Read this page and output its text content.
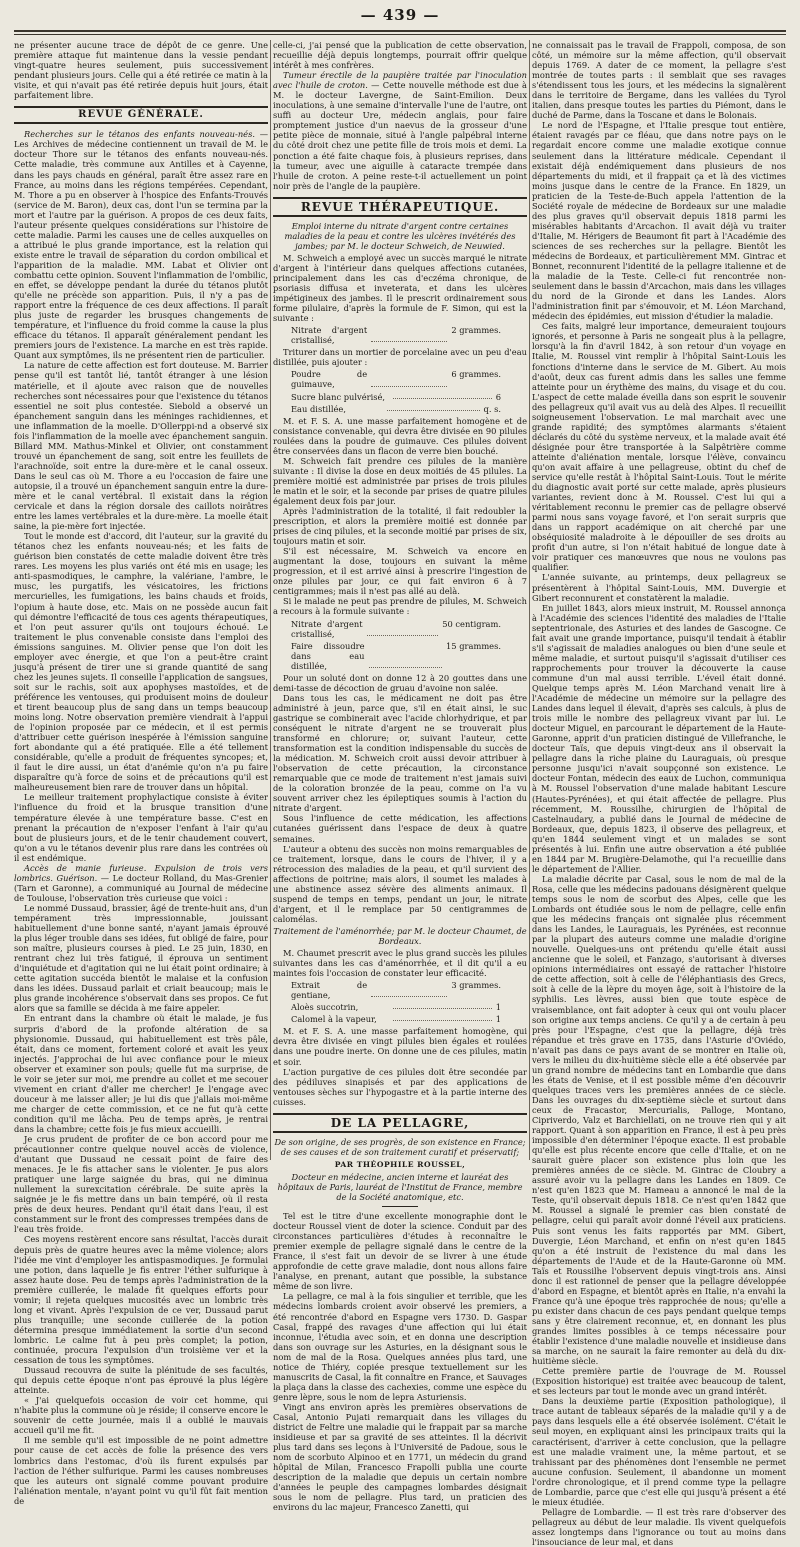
— 439 —

ne présenter aucune trace de dépôt de ce genre. Une première attaque fut maintenue dans la vessie pendant vingt-quatre heures seulement, puis successivement pendant plusieurs jours. Celle qui a été retirée ce matin à la visite, et qui n'avait pas été retirée depuis huit jours, était parfaitement libre.

REVUE GÉNÉRALE.

Recherches sur le tétanos des enfants nouveau-nés. — Les Archives de médecine contiennent un travail de M. le docteur Thore sur le tétanos des enfants nouveau-nés. Cette maladie, très commune aux Antilles et à Cayenne, dans les pays chauds en général, paraît être assez rare en France, au moins dans les régions tempérées. Cependant, M. Thore a pu en observer à l'hospice des Enfants-Trouvés (service de M. Baron), deux cas, dont l'un se termina par la mort et l'autre par la guérison. A propos de ces deux faits, l'auteur présente quelques considérations sur l'histoire de cette maladie. Parmi les causes une de celles auxquelles on a attribué le plus grande importance, est la relation qui existe entre le travail de séparation du cordon ombilical et l'apparition de la maladie. MM. Labat et Olivier ont combattu cette opinion. Souvent l'inflammation de l'ombilic, en effet, se développe pendant la durée du tétanos plutôt qu'elle ne précède son apparition. Puis, il n'y a pas de rapport entre la fréquence de ces deux affections. Il paraît plus juste de regarder les brusques changements de température, et l'influence du froid comme la cause la plus efficace du tétanos. Il apparaît généralement pendant les premiers jours de l'existence. La marche en est très rapide. Quant aux symptômes, ils ne présentent rien de particulier.

La nature de cette affection est fort douteuse. M. Barrier pense qu'il est tantôt lié, tantôt étranger à une lésion matérielle, et il ajoute avec raison que de nouvelles recherches sont nécessaires pour que l'existence du tétanos essentiel ne soit plus contestée. Siebold a observé un épanchement sanguin dans les méninges rachidiennes, et une inflammation de la moelle. D'Ollerppi-nd a observé six fois l'inflammation de la moelle avec épanchement sanguin. Billard MM. Mathus-Minkel et Olivier, ont constamment trouvé un épanchement de sang, soit entre les feuillets de l'arachnoïde, soit entre la dure-mère et le canal osseux. Dans le seul cas où M. Thore a eu l'occasion de faire une autopsie, il a trouvé un épanchement sanguin entre la dure-mère et le canal vertébral. Il existait dans la région cervicale et dans la région dorsale des caillots noirâtres entre les lames vertébrales et la dure-mère. La moelle était saine, la pie-mère fort injectée.

Tout le monde est d'accord, dit l'auteur, sur la gravité du tétanos chez les enfants nouveau-nés; et les faits de guérison bien constatés de cette maladie doivent être très rares. Les moyens les plus variés ont été mis en usage; les anti-spasmodiques, le camphre, la valériane, l'ambre, le musc, les purgatifs, les vésicatoires, les frictions mercurielles, les fumigations, les bains chauds et froids, l'opium à haute dose, etc. Mais on ne possède aucun fait qui démontre l'efficacité de tous ces agents thérapeutiques, et l'on peut assurer qu'ils ont toujours échoué. Le traitement le plus convenable consiste dans l'emploi des émissions sanguines. M. Olivier pense que l'on doit les employer avec énergie, et que l'on a peut-être craint jusqu'à présent de tirer une si grande quantité de sang chez les jeunes sujets. Il conseille l'application de sangsues, soit sur le rachis, soit aux apophyses mastoïdes, et de préférence les ventouses, qui produisent moins de douleur et tirent beaucoup plus de sang dans un temps beaucoup moins long. Notre observation première viendrait à l'appui de l'opinion proposée par ce médecin, et il est permis d'attribuer cette guérison inespérée à l'émission sanguine fort abondante qui a été pratiquée. Elle a été tellement considérable, qu'elle a produit de fréquentes syncopes; et, il faut le dire aussi, un état d'anémie qu'on n'a pu faire disparaître qu'à force de soins et de précautions qu'il est malheureusement bien rare de trouver dans un hôpital.

Le meilleur traitement prophylactique consiste à éviter l'influence du froid et la brusque transition d'une température élevée à une température basse. C'est en prenant la précaution de n'exposer l'enfant à l'air qu'au bout de plusieurs jours, et de le tenir chaudement couvert, qu'on a vu le tétanos devenir plus rare dans les contrées où il est endémique.

Accès de manie furieuse. Expulsion de trois vers lombrics. Guérison. — Le docteur Rolland, du Mas-Grenier (Tarn et Garonne), a communiqué au Journal de médecine de Toulouse, l'observation très curieuse que voici :

Le nommé Dussaud, brassier, âgé de trente-huit ans, d'un tempérament très impressionnable, jouissant habituellement d'une bonne santé, n'ayant jamais éprouvé la plus léger trouble dans ses idées, fut obligé de faire, pour son maître, plusieurs courses à pied. Le 25 juin, 1830, en rentrant chez lui très fatigué, il éprouva un sentiment d'inquiétude et d'agitation qui ne lui était point ordinaire; à cette agitation succéda bientôt le malaise et la confusion dans les idées. Dussaud parlait et criait beaucoup; mais le plus grande incohérence s'observait dans ses propos. Ce fut alors que sa famille se décida à me faire appeler.

En entrant dans la chambre où était le malade, je fus surpris d'abord de la profonde altération de sa physionomie. Dussaud, qui habituellement est très pâle, était, dans ce moment, fortement coloré et avait les yeux injectés. J'approchai de lui avec confiance pour le mieux observer et examiner son pouls; quelle fut ma surprise, de le voir se jeter sur moi, me prendre au collet et me secouer vivement en criant d'aller me chercher! Je l'engage avec douceur à me laisser aller; je lui dis que j'allais moi-même me charger de cette commission, et ce ne fut qu'à cette condition qu'il me lâcha. Peu de temps après, je rentrai dans la chambre; cette fois je fus mieux accueilli.

Je crus prudent de profiter de ce bon accord pour me précautionner contre quelque nouvel accès de violence, d'autant que Dussaud ne cessait point de faire des menaces. Je le fis attacher sans le violenter. Je pus alors pratiquer une large saignée du bras, qui ne diminua nullement la surexcitation cérébrale. De suite après la saignée je le fis mettre dans un bain tempéré, où il resta près de deux heures. Pendant qu'il était dans l'eau, il est constamment sur le front des compresses trempées dans de l'eau très froide.

Ces moyens restèrent encore sans résultat, l'accès durait depuis près de quatre heures avec la même violence; alors l'idée me vint d'employer les antispasmodiques. Je formulai une potion, dans laquelle je fis entrer l'éther sulfurique à assez haute dose. Peu de temps après l'administration de la première cuillerée, le malade fit quelques efforts pour vomir; il rejeta quelques mucosités avec un lombric très long et vivant. Après l'expulsion de ce ver, Dussaud parut plus tranquille; une seconde cuillerée de la potion détermina presque immédiatement la sortie d'un second lombric. Le calme fut à peu près complet; la potion, continuée, procura l'expulsion d'un troisième ver et la cessation de tous les symptômes.

Dussaud recouvra de suite la plénitude de ses facultés, qui depuis cette époque n'ont pas éprouvé la plus légère atteinte.

« J'ai quelquefois occasion de voir cet homme, qui n'habite plus la commune où je réside; il conserve encore le souvenir de cette journée, mais il a oublié le mauvais accueil qu'il me fit.

Il me semble qu'il est impossible de ne point admettre pour cause de cet accès de folie la présence des vers lombrics dans l'estomac, d'où ils furent expulsés par l'action de l'éther sulfurique. Parmi les causes nombreuses que les auteurs ont signalé comme pouvant produire l'aliénation mentale, n'ayant point vu qu'il fût fait mention de

celle-ci, j'ai pensé que la publication de cette observation, recueillie déjà depuis longtemps, pourrait offrir quelque intérêt à mes confrères.

Tumeur érectile de la paupière traitée par l'inoculation avec l'huile de croton. — Cette nouvelle méthode est due à M. le docteur Lavergne, de Saint-Emilion. Deux inoculations, à une semaine d'intervalle l'une de l'autre, ont suffi au docteur Ure, médecin anglais, pour faire promptement justice d'un naevus de la grosseur d'une petite pièce de monnaie, situé à l'angle palpébral interne du côté droit chez une petite fille de trois mois et demi. La ponction a été faite chaque fois, à plusieurs reprises, dans la tumeur, avec une aiguille à cataracte trempée dans l'huile de croton. A peine reste-t-il actuellement un point noir près de l'angle de la paupière.

REVUE THÉRAPEUTIQUE.

Emploi interne du nitrate d'argent contre certaines maladies de la peau et contre les ulcères invétérés des jambes; par M. le docteur Schweich, de Neuwied.

M. Schweich a employé avec un succès marqué le nitrate d'argent à l'intérieur dans quelques affections cutanées, principalement dans les cas d'eczéma chronique, de psoriasis diffusa et inveterata, et dans les ulcères impétigineux des jambes. Il le prescrit ordinairement sous forme pilulaire, d'après la formule de F. Simon, qui est la suivante :

Nitrate d'argent cristallisé,
2 grammes.

Triturer dans un mortier de porcelaine avec un peu d'eau distillée, puis ajouter :

Poudre de guimauve,
6 grammes.
Sucre blanc pulvérisé,	6
Eau distillée,	q. s.

M. et F. S. A. une masse parfaitement homogène et de consistance convenable, qui devra être divisée en 90 pilules roulées dans la poudre de guimauve. Ces pilules doivent être conservées dans un flacon de verre bien bouché.

M. Schweich fait prendre ces pilules de la manière suivante : Il divise la dose en deux moitiés de 45 pilules. La première moitié est administrée par prises de trois pilules le matin et le soir, et la seconde par prises de quatre pilules également deux fois par jour.

Après l'administration de la totalité, il fait redoubler la prescription, et alors la première moitié est donnée par prises de cinq pilules, et la seconde moitié par prises de six, toujours matin et soir.

S'il est nécessaire, M. Schweich va encore en augmentant la dose, toujours en suivant la même progression, et il est arrivé ainsi à prescrire l'ingestion de onze pilules par jour, ce qui fait environ 6 à 7 centigrammes; mais il n'est pas allé au delà.

Si le malade ne peut pas prendre de pilules, M. Schweich a recours à la formule suivante :

Nitrate d'argent cristallisé,
50 centigram.
Faire dissoudre dans eau distillée,
15 grammes.

Pour un soluté dont on donne 12 à 20 gouttes dans une demi-tasse de décoction de gruau d'avoine non salée.

Dans tous les cas, le médicament ne doit pas être administré à jeun, parce que, s'il en était ainsi, le suc gastrique se combinerait avec l'acide chlorhydrique, et par conséquent le nitrate d'argent ne se trouverait plus transformé en chlorure; or, suivant l'auteur, cette transformation est la condition indispensable du succès de la médication. M. Schweich croit aussi devoir attribuer à l'observation de cette précaution, la circonstance remarquable que ce mode de traitement n'est jamais suivi de la coloration bronzée de la peau, comme on l'a vu souvent arriver chez les épileptiques soumis à l'action du nitrate d'argent.

Sous l'influence de cette médication, les affections cutanées guérissent dans l'espace de deux à quatre semaines.

L'auteur a obtenu des succès non moins remarquables de ce traitement, lorsque, dans le cours de l'hiver, il y a rétrocession des maladies de la peau, et qu'il survient des affections de poitrine; mais alors, il soumet les malades à une abstinence assez sévère des aliments animaux. Il suspend de temps en temps, pendant un jour, le nitrate d'argent, et il le remplace par 50 centigrammes de calomélas.

Traitement de l'aménorrhée; par M. le docteur Chaumet, de Bordeaux.

M. Chaumet prescrit avec le plus grand succès les pilules suivantes dans les cas d'aménorrhée, et il dit qu'il a eu maintes fois l'occasion de constater leur efficacité.

Extrait de gentiane,
3 grammes.
Aloès succotrin,	1
Calomel à la vapeur,	1

M. et F. S. A. une masse parfaitement homogène, qui devra être divisée en vingt pilules bien égales et roulées dans une poudre inerte. On donne une de ces pilules, matin et soir.

L'action purgative de ces pilules doit être secondée par des pédiluves sinapisés et par des applications de ventouses sèches sur l'hypogastre et à la partie interne des cuisses.

DE LA PELLAGRE,

De son origine, de ses progrès, de son existence en France; de ses causes et de son traitement curatif et préservatif;

PAR THÉOPHILE ROUSSEL,

Docteur en médecine, ancien interne et lauréat des hôpitaux de Paris, lauréat de l'Institut de France, membre de la Société anatomique, etc.

Tel est le titre d'une excellente monographie dont le docteur Roussel vient de doter la science. Conduit par des circonstances particulières d'études à reconnaître le premier exemple de pellagre signalé dans le centre de la France, il s'est fait un devoir de se livrer à une étude approfondie de cette grave maladie, dont nous allons faire l'analyse, en prenant, autant que possible, la substance même de son livre.

La pellagre, ce mal à la fois singulier et terrible, que les médecins lombards croient avoir observé les premiers, a été rencontrée d'abord en Espagne vers 1730. D. Gaspar Casal, frappé des ravages d'une affection qui lui était inconnue, l'étudia avec soin, et en donna une description dans son ouvrage sur les Asturies, en la désignant sous le nom de mal de la Rosa. Quelques années plus tard, une notice de Thiéry, copiée presque textuellement sur les manuscrits de Casal, la fit connaître en France, et Sauvages la plaça dans la classe des cachexies, comme une espèce du genre lèpre, sous le nom de lepra Asturiensis.

Vingt ans environ après les premières observations de Casal, Antonio Pujati remarquait dans les villages du district de Feltre une maladie qui le frappait par sa marche insidieuse et par sa gravité de ses atteintes. Il la décrivit plus tard dans ses leçons à l'Université de Padoue, sous le nom de scorbuto Alpinoo et en 1771, un médecin du grand hôpital de Milan, Francesco Frapolli publia une courte description de la maladie que depuis un certain nombre d'années le peuple des campagnes lombardes désignait sous le nom de pellagre. Plus tard, un praticien des environs du lac majeur, Francesco Zanetti, qui

ne connaissait pas le travail de Frappoli, composa, de son côté, un mémoire sur la même affection, qu'il observait depuis 1769. A dater de ce moment, la pellagre s'est montrée de toutes parts : il semblait que ses ravages s'étendissent tous les jours, et les médecins la signalèrent dans le territoire de Bergame, dans les vallées du Tyrol italien, dans presque toutes les parties du Piémont, dans le duché de Parme, dans la Toscane et dans le Bolonais.

Le nord de l'Espagne, et l'Italie presque tout entière, étaient ravagés par ce fléau, que dans notre pays on le regardait encore comme une maladie exotique connue seulement dans la littérature médicale. Cependant il existait déjà endémiquement dans plusieurs de nos départements du midi, et il frappait ça et là des victimes moins jusque dans le centre de la France. En 1829, un praticien de la Teste-de-Buch appela l'attention de la Société royale de médecine de Bordeaux sur une maladie des plus graves qu'il observait depuis 1818 parmi les misérables habitants d'Arcachon. Il avait déjà vu traiter d'Italie, M. Hérigers de Beaumont fit part à l'Académie des sciences de ses recherches sur la pellagre. Bientôt les médecins de Bordeaux, et particulièrement MM. Gintrac et Bonnet, reconnurent l'identité de la pellagre italienne et de la maladie de la Teste. Celle-ci fut rencontrée non-seulement dans le bassin d'Arcachon, mais dans les villages du nord de la Gironde et dans les Landes. Alors l'administration finit par s'émouvoir, et M. Léon Marchand, médecin des épidémies, eut mission d'étudier la maladie.

Ces faits, malgré leur importance, demeuraient toujours ignorés, et personne à Paris ne songeait plus à la pellagre, lorsqu'à la fin d'avril 1842, à son retour d'un voyage en Italie, M. Roussel vint remplir à l'hôpital Saint-Louis les fonctions d'interne dans le service de M. Gibert. Au mois d'août, deux cas furent admis dans les salles une femme atteinte pour un érythème des mains, du visage et du cou. L'aspect de cette malade éveilla dans son esprit le souvenir des pellagreux qu'il avait vus au delà des Alpes. Il recueillit soigneusement l'observation. Le mal marchait avec une grande rapidité; des symptômes alarmants s'étaient déclarés du côté du système nerveux, et la malade avait été désignée pour être transportée à la Salpêtrière comme atteinte d'aliénation mentale, lorsque l'élève, convaincu qu'on avait affaire à une pellagreuse, obtint du chef de service qu'elle restât à l'hôpital Saint-Louis. Tout le mérite du diagnostic avait porté sur cette malade, après plusieurs variantes, revient donc à M. Roussel. C'est lui qui a véritablement reconnu le premier cas de pellagre observé parmi nous sans voyage favoré, et l'on serait surpris que dans un rapport académique on ait cherché par une obséquiosité maladroite à le dépouiller de ses droits au profit d'un autre, si l'on n'était habitué de longue date à voir pratiquer ces manœuvres que nous ne voulons pas qualifier.

L'année suivante, au printemps, deux pellagreux se présentèrent à l'hôpital Saint-Louis, MM. Duvergie et Gibert reconnurent et constatèrent la maladie.

En juillet 1843, alors mieux instruit, M. Roussel annonça à l'Académie des sciences l'identité des maladies de l'Italie septentrionale, des Asturies et des landes de Gascogne. Ce fait avait une grande importance, puisqu'il tendait à établir s'il s'agissait de maladies analogues ou bien d'une seule et même maladie, et surtout puisqu'il s'agissait d'utiliser ces rapprochements pour trouver la découverte la cause commune d'un mal aussi terrible. L'éveil était donné. Quelque temps après M. Léon Marchand venait lire à l'Académie de médecine un mémoire sur la pellagre des Landes dans lequel il élevait, d'après ses calculs, à plus de trois mille le nombre des pellagreux vivant par lui. Le docteur Miguel, en parcourant le département de la Haute-Garonne, apprit d'un praticien distingué de Villefranche, le docteur Taïs, que depuis vingt-deux ans il observait la pellagre dans la riche plaine du Lauraguais, où presque personne jusqu'ici n'avait soupçonné son existence. Le docteur Fontan, médecin des eaux de Luchon, communiqua à M. Roussel l'observation d'une malade habitant Lescure (Hautes-Pyrénées), et qui était affectée de pellagre. Plus récemment, M. Roussilhe, chirurgien de l'hôpital de Castelnaudary, a publié dans le Journal de médecine de Bordeaux, que, depuis 1823, il observe des pellagreux, et qu'en 1844 seulement vingt et un malades se sont présentés à lui. Enfin une autre observation a été publiée en 1844 par M. Brugière-Delamothe, qui l'a recueillie dans le département de l'Allier.

La maladie décrite par Casal, sous le nom de mal de la Rosa, celle que les médecins padouans désignèrent quelque temps sous le nom de scorbut des Alpes, celle que les Lombards ont étudiée sous le nom de pellagre, celle enfin que les médecins français ont signalée plus récemment dans les Landes, le Lauraguais, les Pyrénées, est reconnue par la plupart des auteurs comme une maladie d'origine nouvelle. Quelques-uns ont prétendu qu'elle était aussi ancienne que le soleil, et Fanzago, s'autorisant à diverses opinions intermédiaires ont essayé de rattacher l'histoire de cette affection, soit à celle de l'éléphantiasis des Grecs, soit à celle de la lèpre du moyen âge, soit à l'histoire de la syphilis. Les lèvres, aussi bien que toute espèce de vraisemblance, ont fait adopter à ceux qui ont voulu placer son origine aux temps anciens. Ce qu'il y a de certain à peu près pour l'Espagne, c'est que la pellagre, déjà très répandue et très grave en 1735, dans l'Asturie d'Oviédo, n'avait pas dans ce pays avant de se montrer en Italie où, vers le milieu du dix-huitième siècle elle a été observée par un grand nombre de médecins tant en Lombardie que dans les états de Venise, et il est possible même d'en découvrir quelques traces vers les premières années de ce siècle. Dans les ouvrages du dix-septième siècle et surtout dans ceux de Fracastor, Mercurialis, Palloge, Montano, Cipriverdo, Valz et Barchiellati, on ne trouve rien qui y ait rapport. Quant à son apparition en France, il est à peu près impossible d'en déterminer l'époque exacte. Il est probable qu'elle est plus récente encore que celle d'Italie, et on ne saurait guère placer son existence plus loin que les premières années de ce siècle. M. Gintrac de Cloubry a assuré avoir vu la pellagre dans les Landes en 1809. Ce n'est qu'en 1823 que M. Hameau a annoncé le mal de la Teste, qu'il observait depuis 1818. Ce n'est qu'en 1842 que M. Roussel a signalé le premier cas bien constaté de pellagre, celui qui paraît avoir donné l'éveil aux praticiens. Puis sont venus les faits rapportés par MM. Gibert, Duvergie, Léon Marchand, et enfin on n'est qu'en 1845 qu'on a été instruit de l'existence du mal dans les départements de l'Aude et de la Haute-Garonne où MM. Taïs et Roussilhe l'observent depuis vingt-trois ans. Ainsi donc il est rationnel de penser que la pellagre développée d'abord en Espagne, et bientôt après en Italie, n'a envahi la France qu'à une époque très rapprochée de nous; qu'elle a pu exister dans chacun de ces pays pendant quelque temps sans y être clairement reconnue, et, en donnant les plus grandes limites possibles à ce temps nécessaire pour établir l'existence d'une maladie nouvelle et insidieuse dans sa marche, on ne saurait la faire remonter au delà du dix-huitième siècle.

Cette première partie de l'ouvrage de M. Roussel (Exposition historique) est traitée avec beaucoup de talent, et ses lecteurs par tout le monde avec un grand intérêt.

Dans la deuxième partie (Exposition pathologique), il trace autant de tableaux séparés de la maladie qu'il y a de pays dans lesquels elle a été observée isolément. C'était le seul moyen, en expliquant ainsi les principaux traits qui la caractérisent, d'arriver à cette conclusion, que la pellagre est une maladie vraiment une, la même partout, et se trahissant par des phénomènes dont l'ensemble ne permet aucune confusion. Seulement, il abandonne un moment l'ordre chronologique, et il prend comme type la pellagre de Lombardie, parce que c'est elle qui jusqu'à présent a été le mieux étudiée.

Pellagre de Lombardie. — Il est très rare d'observer des pellagreux au début de leur maladie. Ils vivent quelquefois assez longtemps dans l'ignorance ou tout au moins dans l'insouciance de leur mal, et dans
